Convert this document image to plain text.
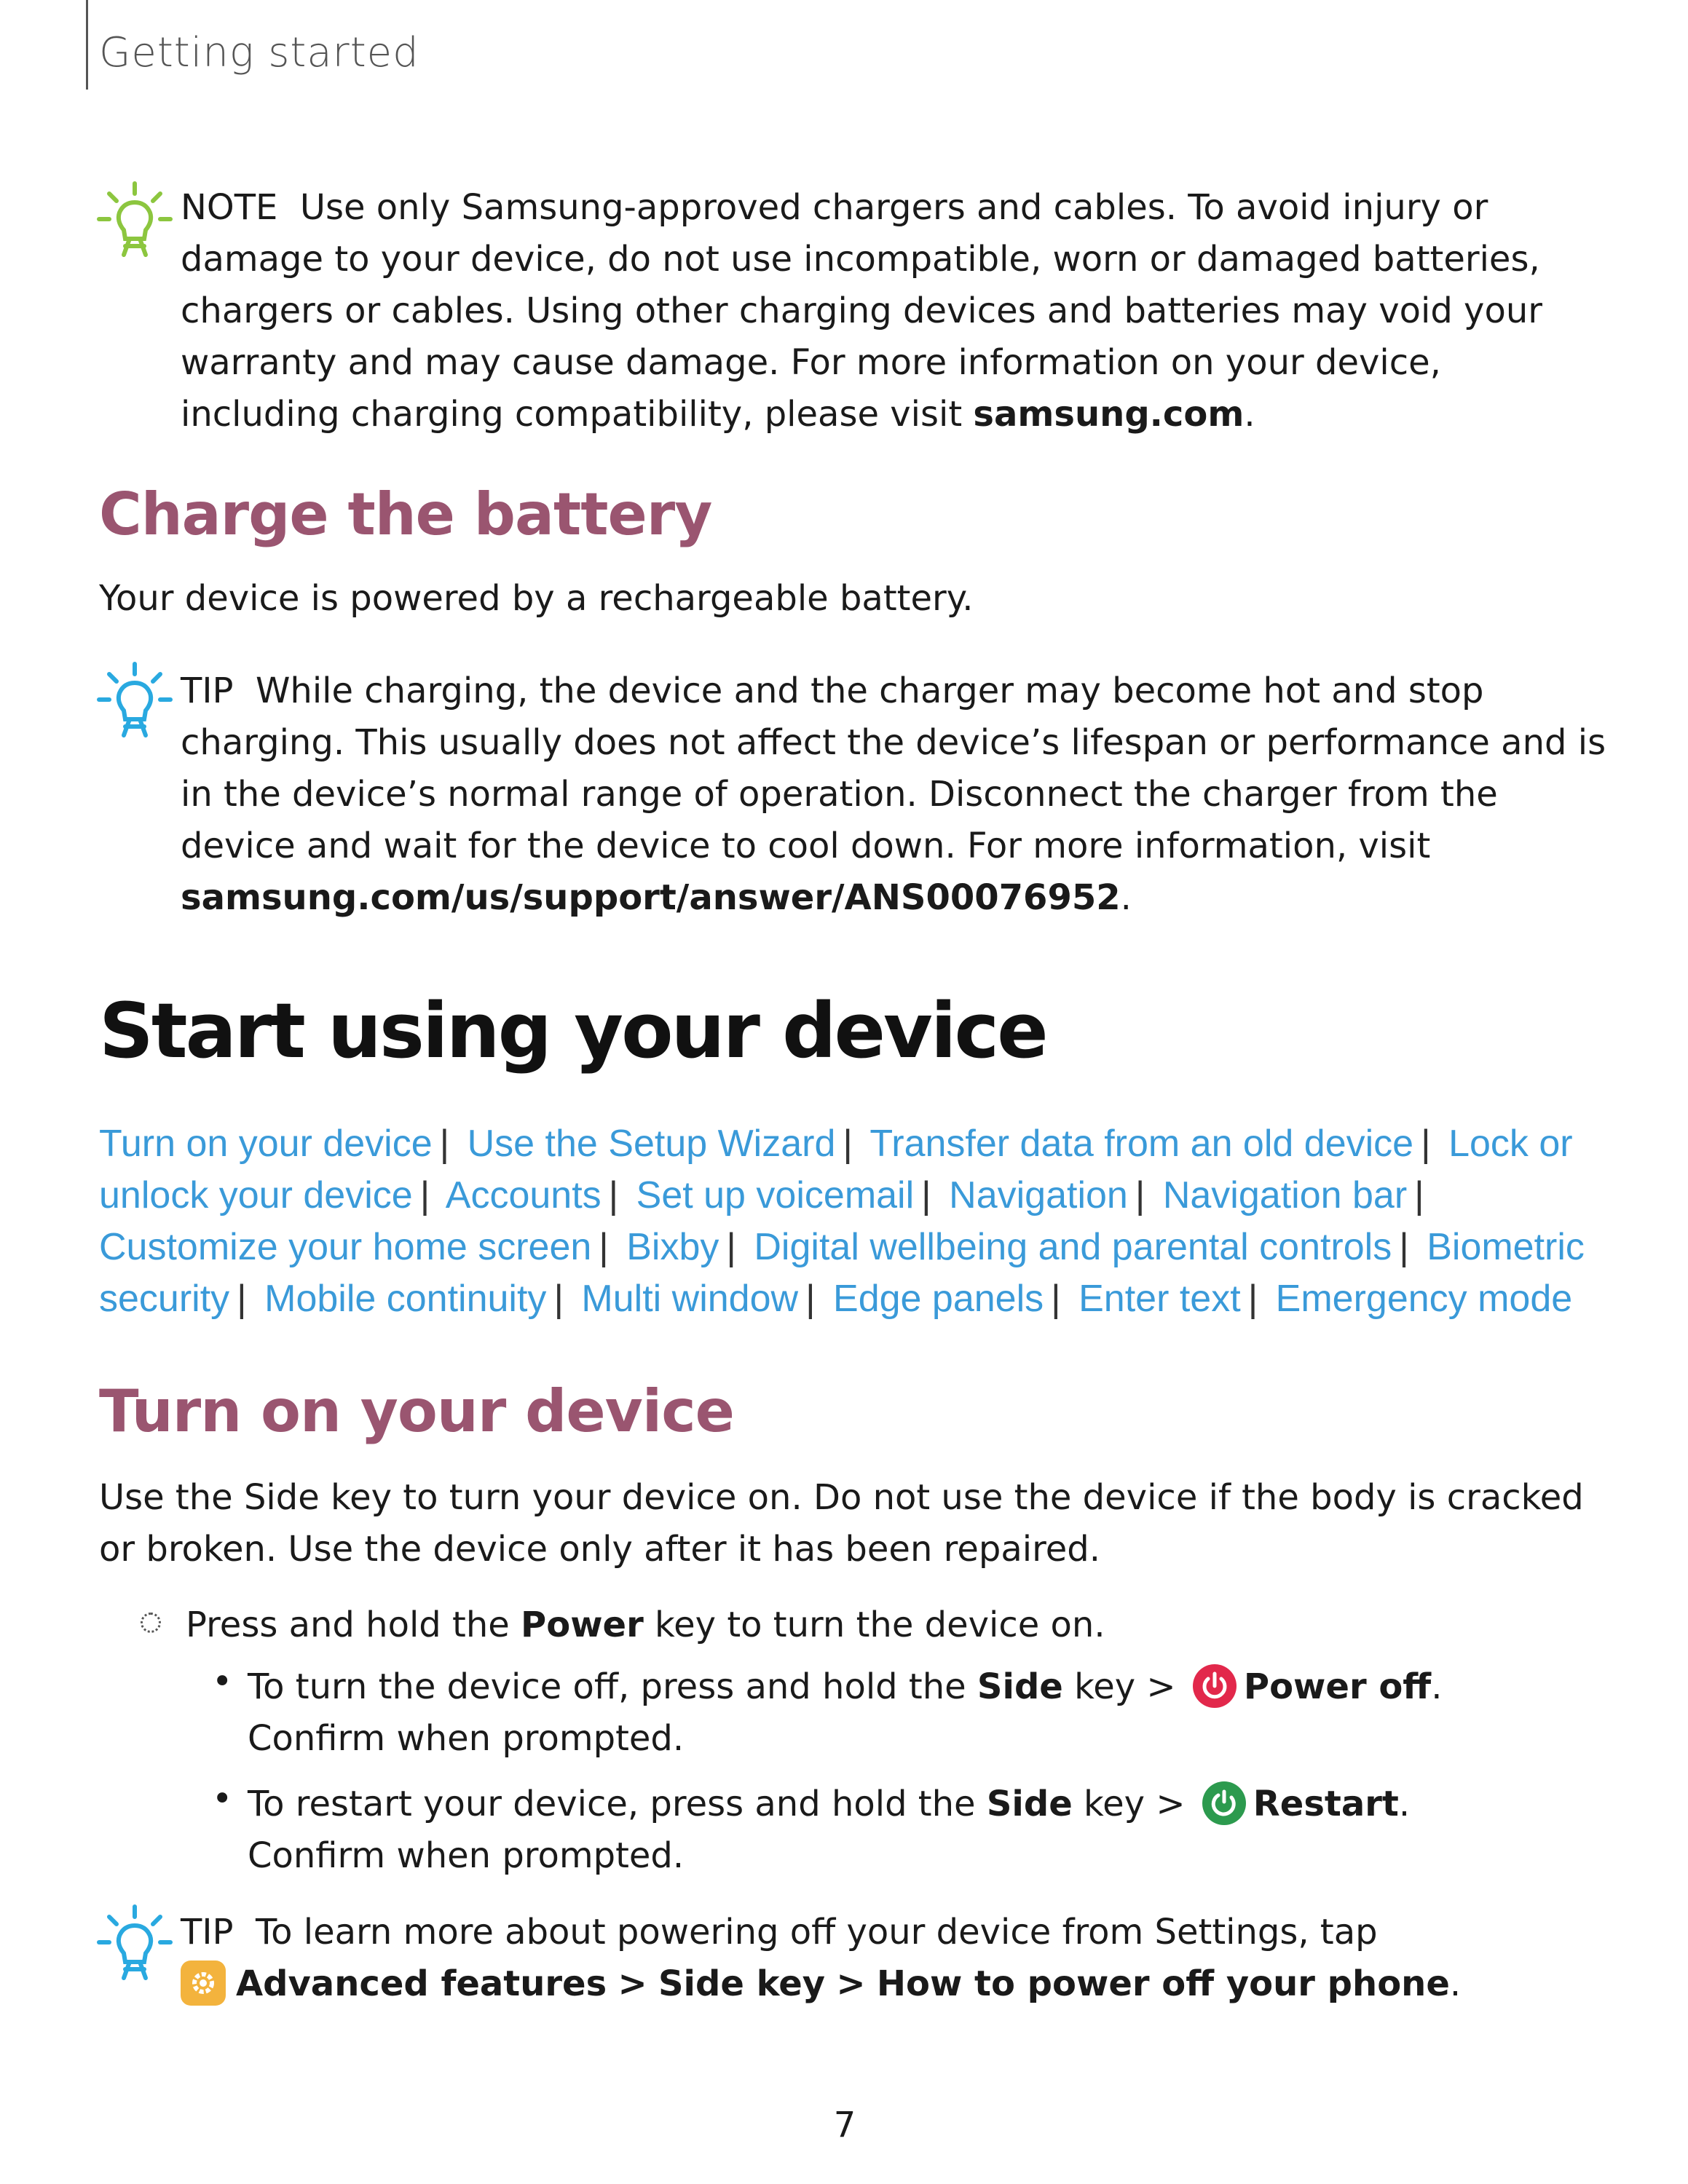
Getting started
NOTE Use only Samsung-approved chargers and cables. To avoid injury or damage to your device, do not use incompatible, worn or damaged batteries, chargers or cables. Using other charging devices and batteries may void your warranty and may cause damage. For more information on your device, including charging compatibility, please visit samsung.com.
Charge the battery
Your device is powered by a rechargeable battery.
TIP While charging, the device and the charger may become hot and stop charging. This usually does not affect the device’s lifespan or performance and is in the device’s normal range of operation. Disconnect the charger from the device and wait for the device to cool down. For more information, visit samsung.com/us/support/answer/ANS00076952.
Start using your device
Turn on your device | Use the Setup Wizard | Transfer data from an old device | Lock or unlock your device | Accounts | Set up voicemail | Navigation | Navigation bar | Customize your home screen | Bixby | Digital wellbeing and parental controls | Biometric security | Mobile continuity | Multi window | Edge panels | Enter text | Emergency mode
Turn on your device
Use the Side key to turn your device on. Do not use the device if the body is cracked or broken. Use the device only after it has been repaired.
Press and hold the Power key to turn the device on.
• To turn the device off, press and hold the Side key > Power off.
Confirm when prompted.
• To restart your device, press and hold the Side key > Restart.
Confirm when prompted.
TIP To learn more about powering off your device from Settings, tap
Advanced features > Side key > How to power off your phone.
7
